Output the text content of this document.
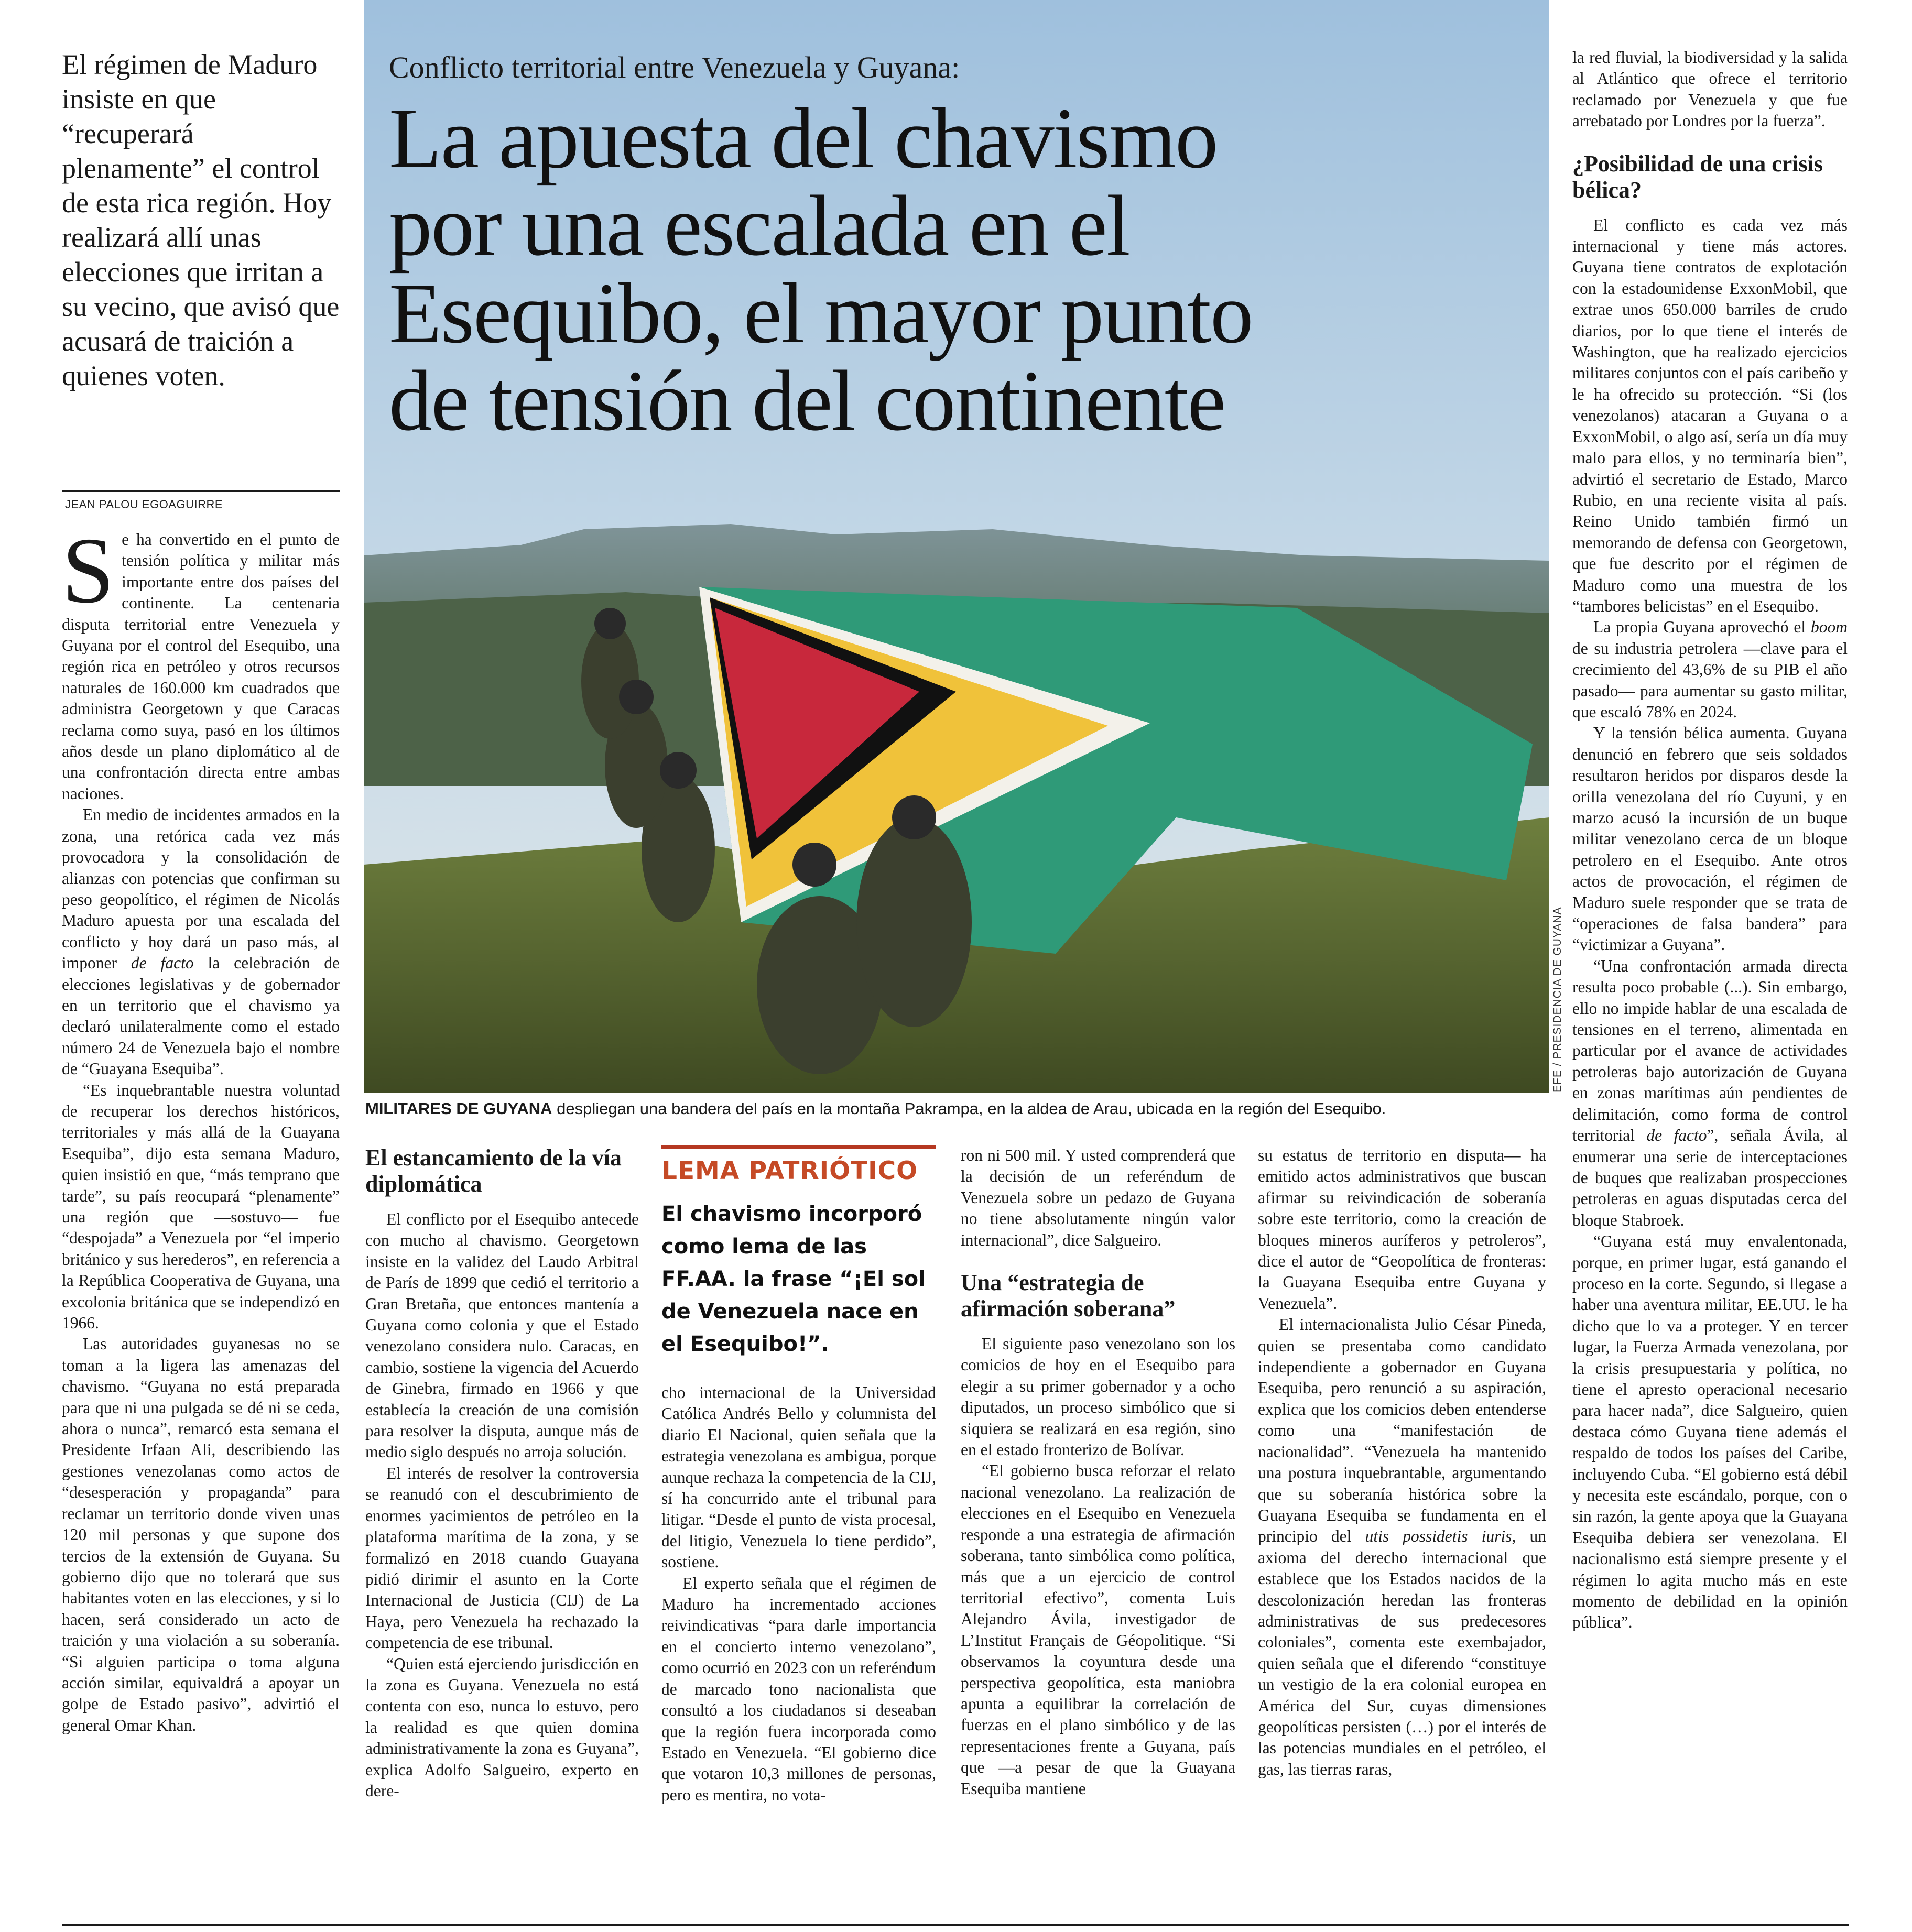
El régimen de Maduro insiste en que “recuperará plenamente” el control de esta rica región. Hoy realizará allí unas elecciones que irritan a su vecino, que avisó que acusará de traición a quienes voten.
JEAN PALOU EGOAGUIRRE

Se ha convertido en el punto de tensión política y militar más importante entre dos países del continente. La centenaria disputa territorial entre Venezuela y Guyana por el control del Esequibo, una región rica en petróleo y otros recursos naturales de 160.000 km cuadrados que administra Georgetown y que Caracas reclama como suya, pasó en los últimos años desde un plano diplomático al de una confrontación directa entre ambas naciones.

En medio de incidentes armados en la zona, una retórica cada vez más provocadora y la consolidación de alianzas con potencias que confirman su peso geopolítico, el régimen de Nicolás Maduro apuesta por una escalada del conflicto y hoy dará un paso más, al imponer de facto la celebración de elecciones legislativas y de gobernador en un territorio que el chavismo ya declaró unilateralmente como el estado número 24 de Venezuela bajo el nombre de “Guayana Esequiba”.

“Es inquebrantable nuestra voluntad de recuperar los derechos históricos, territoriales y más allá de la Guayana Esequiba”, dijo esta semana Maduro, quien insistió en que, “más temprano que tarde”, su país reocupará “plenamente” una región que —sostuvo— fue “despojada” a Venezuela por “el imperio británico y sus herederos”, en referencia a la República Cooperativa de Guyana, una excolonia británica que se independizó en 1966.

Las autoridades guyanesas no se toman a la ligera las amenazas del chavismo. “Guyana no está preparada para que ni una pulgada se dé ni se ceda, ahora o nunca”, remarcó esta semana el Presidente Irfaan Ali, describiendo las gestiones venezolanas como actos de “desesperación y propaganda” para reclamar un territorio donde viven unas 120 mil personas y que supone dos tercios de la extensión de Guyana. Su gobierno dijo que no tolerará que sus habitantes voten en las elecciones, y si lo hacen, será considerado un acto de traición y una violación a su soberanía. “Si alguien participa o toma alguna acción similar, equivaldrá a apoyar un golpe de Estado pasivo”, advirtió el general Omar Khan.

Conflicto territorial entre Venezuela y Guyana:
La apuesta del chavismo
por una escalada en el
Esequibo, el mayor punto
de tensión del continente
EFE / PRESIDENCIA DE GUYANA
MILITARES DE GUYANA despliegan una bandera del país en la montaña Pakrampa, en la aldea de Arau, ubicada en la región del Esequibo.
El estancamiento de la vía diplomática

El conflicto por el Esequibo antecede con mucho al chavismo. Georgetown insiste en la validez del Laudo Arbitral de París de 1899 que cedió el territorio a Gran Bretaña, que entonces mantenía a Guyana como colonia y que el Estado venezolano considera nulo. Caracas, en cambio, sostiene la vigencia del Acuerdo de Ginebra, firmado en 1966 y que establecía la creación de una comisión para resolver la disputa, aunque más de medio siglo después no arroja solución.

El interés de resolver la controversia se reanudó con el descubrimiento de enormes yacimientos de petróleo en la plataforma marítima de la zona, y se formalizó en 2018 cuando Guayana pidió dirimir el asunto en la Corte Internacional de Justicia (CIJ) de La Haya, pero Venezuela ha rechazado la competencia de ese tribunal.

“Quien está ejerciendo jurisdicción en la zona es Guyana. Venezuela no está contenta con eso, nunca lo estuvo, pero la realidad es que quien domina administrativamente la zona es Guyana”, explica Adolfo Salgueiro, experto en dere-

LEMA PATRIÓTICO
El chavismo incorporó como lema de las FF.AA. la frase “¡El sol de Venezuela nace en el Esequibo!”.

cho internacional de la Universidad Católica Andrés Bello y columnista del diario El Nacional, quien señala que la estrategia venezolana es ambigua, porque aunque rechaza la competencia de la CIJ, sí ha concurrido ante el tribunal para litigar. “Desde el punto de vista procesal, del litigio, Venezuela lo tiene perdido”, sostiene.

El experto señala que el régimen de Maduro ha incrementado acciones reivindicativas “para darle importancia en el concierto interno venezolano”, como ocurrió en 2023 con un referéndum de marcado tono nacionalista que consultó a los ciudadanos si deseaban que la región fuera incorporada como Estado en Venezuela. “El gobierno dice que votaron 10,3 millones de personas, pero es mentira, no vota-

ron ni 500 mil. Y usted comprenderá que la decisión de un referéndum de Venezuela sobre un pedazo de Guyana no tiene absolutamente ningún valor internacional”, dice Salgueiro.

Una “estrategia de afirmación soberana”

El siguiente paso venezolano son los comicios de hoy en el Esequibo para elegir a su primer gobernador y a ocho diputados, un proceso simbólico que si siquiera se realizará en esa región, sino en el estado fronterizo de Bolívar.

“El gobierno busca reforzar el relato nacional venezolano. La realización de elecciones en el Esequibo en Venezuela responde a una estrategia de afirmación soberana, tanto simbólica como política, más que a un ejercicio de control territorial efectivo”, comenta Luis Alejandro Ávila, investigador de L’Institut Français de Géopolitique. “Si observamos la coyuntura desde una perspectiva geopolítica, esta maniobra apunta a equilibrar la correlación de fuerzas en el plano simbólico y de las representaciones frente a Guyana, país que —a pesar de que la Guayana Esequiba mantiene

su estatus de territorio en disputa— ha emitido actos administrativos que buscan afirmar su reivindicación de soberanía sobre este territorio, como la creación de bloques mineros auríferos y petroleros”, dice el autor de “Geopolítica de fronteras: la Guayana Esequiba entre Guyana y Venezuela”.

El internacionalista Julio César Pineda, quien se presentaba como candidato independiente a gobernador en Guyana Esequiba, pero renunció a su aspiración, explica que los comicios deben entenderse como una “manifestación de nacionalidad”. “Venezuela ha mantenido una postura inquebrantable, argumentando que su soberanía histórica sobre la Guayana Esequiba se fundamenta en el principio del utis possidetis iuris, un axioma del derecho internacional que establece que los Estados nacidos de la descolonización heredan las fronteras administrativas de sus predecesores coloniales”, comenta este exembajador, quien señala que el diferendo “constituye un vestigio de la era colonial europea en América del Sur, cuyas dimensiones geopolíticas persisten (…) por el interés de las potencias mundiales en el petróleo, el gas, las tierras raras,

la red fluvial, la biodiversidad y la salida al Atlántico que ofrece el territorio reclamado por Venezuela y que fue arrebatado por Londres por la fuerza”.

¿Posibilidad de una crisis bélica?

El conflicto es cada vez más internacional y tiene más actores. Guyana tiene contratos de explotación con la estadounidense ExxonMobil, que extrae unos 650.000 barriles de crudo diarios, por lo que tiene el interés de Washington, que ha realizado ejercicios militares conjuntos con el país caribeño y le ha ofrecido su protección. “Si (los venezolanos) atacaran a Guyana o a ExxonMobil, o algo así, sería un día muy malo para ellos, y no terminaría bien”, advirtió el secretario de Estado, Marco Rubio, en una reciente visita al país. Reino Unido también firmó un memorando de defensa con Georgetown, que fue descrito por el régimen de Maduro como una muestra de los “tambores belicistas” en el Esequibo.

La propia Guyana aprovechó el boom de su industria petrolera —clave para el crecimiento del 43,6% de su PIB el año pasado— para aumentar su gasto militar, que escaló 78% en 2024.

Y la tensión bélica aumenta. Guyana denunció en febrero que seis soldados resultaron heridos por disparos desde la orilla venezolana del río Cuyuni, y en marzo acusó la incursión de un buque militar venezolano cerca de un bloque petrolero en el Esequibo. Ante otros actos de provocación, el régimen de Maduro suele responder que se trata de “operaciones de falsa bandera” para “victimizar a Guyana”.

“Una confrontación armada directa resulta poco probable (...). Sin embargo, ello no impide hablar de una escalada de tensiones en el terreno, alimentada en particular por el avance de actividades petroleras bajo autorización de Guyana en zonas marítimas aún pendientes de delimitación, como forma de control territorial de facto”, señala Ávila, al enumerar una serie de interceptaciones de buques que realizaban prospecciones petroleras en aguas disputadas cerca del bloque Stabroek.

“Guyana está muy envalentonada, porque, en primer lugar, está ganando el proceso en la corte. Segundo, si llegase a haber una aventura militar, EE.UU. le ha dicho que lo va a proteger. Y en tercer lugar, la Fuerza Armada venezolana, por la crisis presupuestaria y política, no tiene el apresto operacional necesario para hacer nada”, dice Salgueiro, quien destaca cómo Guyana tiene además el respaldo de todos los países del Caribe, incluyendo Cuba. “El gobierno está débil y necesita este escándalo, porque, con o sin razón, la gente apoya que la Guayana Esequiba debiera ser venezolana. El nacionalismo está siempre presente y el régimen lo agita mucho más en este momento de debilidad en la opinión pública”.
